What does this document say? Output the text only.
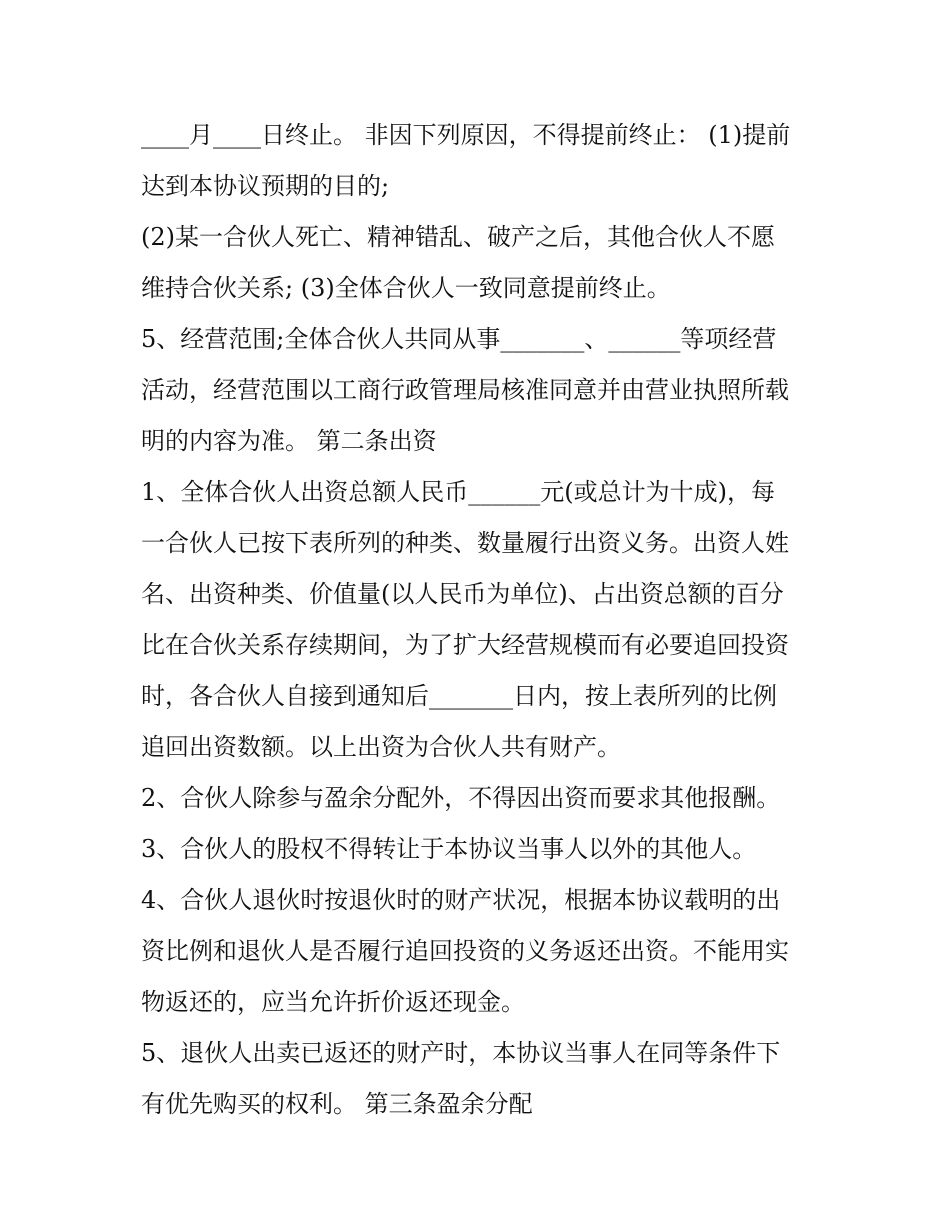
____月____日终止。 非因下列原因，不得提前终止： (1)提前
达到本协议预期的目的;
(2)某一合伙人死亡、精神错乱、破产之后，其他合伙人不愿
维持合伙关系; (3)全体合伙人一致同意提前终止。
5、经营范围;全体合伙人共同从事_______、______等项经营
活动，经营范围以工商行政管理局核准同意并由营业执照所载
明的内容为准。 第二条出资
1、全体合伙人出资总额人民币______元(或总计为十成)，每
一合伙人已按下表所列的种类、数量履行出资义务。出资人姓
名、出资种类、价值量(以人民币为单位)、占出资总额的百分
比在合伙关系存续期间，为了扩大经营规模而有必要追回投资
时，各合伙人自接到通知后_______日内，按上表所列的比例
追回出资数额。以上出资为合伙人共有财产。
2、合伙人除参与盈余分配外，不得因出资而要求其他报酬。
3、合伙人的股权不得转让于本协议当事人以外的其他人。
4、合伙人退伙时按退伙时的财产状况，根据本协议载明的出
资比例和退伙人是否履行追回投资的义务返还出资。不能用实
物返还的，应当允许折价返还现金。
5、退伙人出卖已返还的财产时，本协议当事人在同等条件下
有优先购买的权利。 第三条盈余分配
